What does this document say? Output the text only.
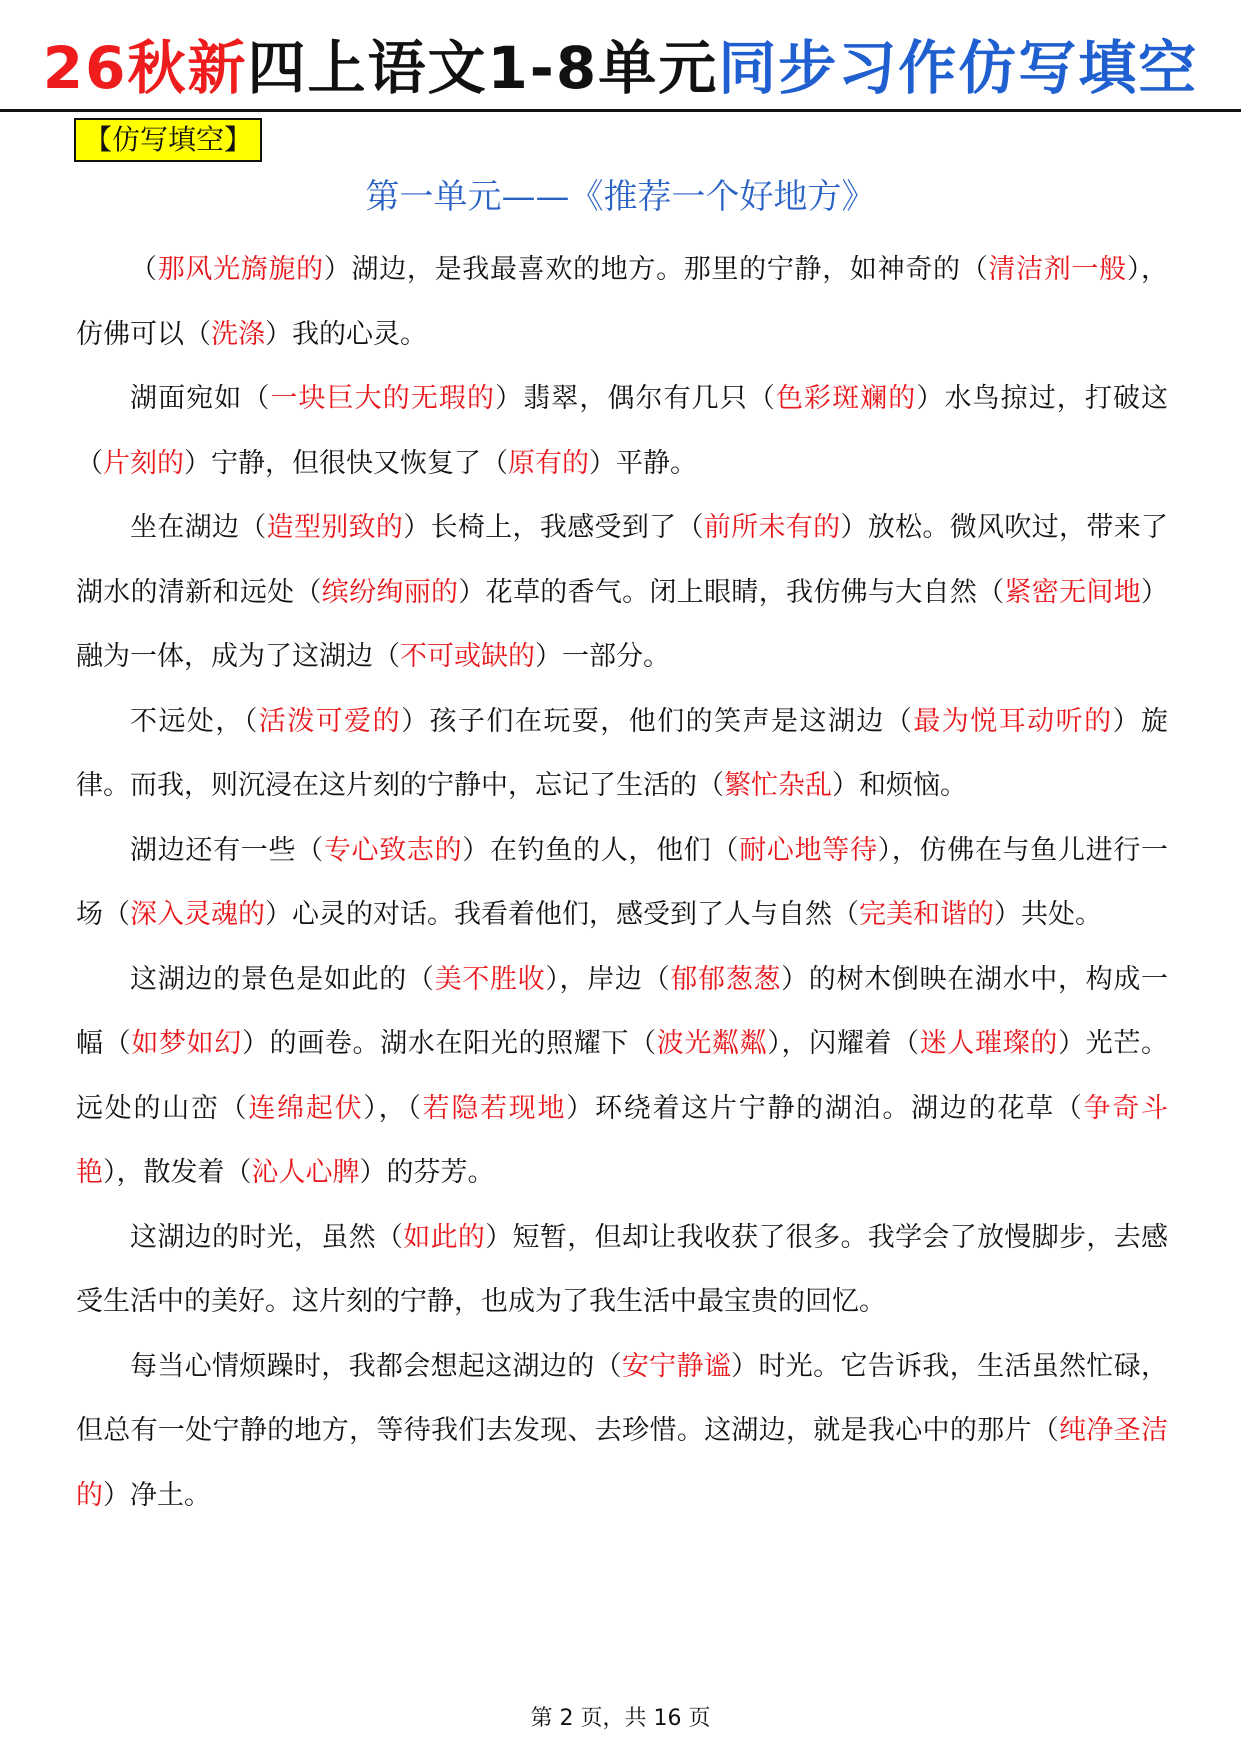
26秋新四上语文1-8单元同步习作仿写填空
【仿写填空】
第一单元——《推荐一个好地方》

（那风光旖旎的）湖边，是我最喜欢的地方。那里的宁静，如神奇的（清洁剂一般），仿佛可以（洗涤）我的心灵。

湖面宛如（一块巨大的无瑕的）翡翠，偶尔有几只（色彩斑斓的）水鸟掠过，打破这（片刻的）宁静，但很快又恢复了（原有的）平静。

坐在湖边（造型别致的）长椅上，我感受到了（前所未有的）放松。微风吹过，带来了湖水的清新和远处（缤纷绚丽的）花草的香气。闭上眼睛，我仿佛与大自然（紧密无间地）融为一体，成为了这湖边（不可或缺的）一部分。

不远处，（活泼可爱的）孩子们在玩耍，他们的笑声是这湖边（最为悦耳动听的）旋律。而我，则沉浸在这片刻的宁静中，忘记了生活的（繁忙杂乱）和烦恼。

湖边还有一些（专心致志的）在钓鱼的人，他们（耐心地等待），仿佛在与鱼儿进行一场（深入灵魂的）心灵的对话。我看着他们，感受到了人与自然（完美和谐的）共处。

这湖边的景色是如此的（美不胜收），岸边（郁郁葱葱）的树木倒映在湖水中，构成一幅（如梦如幻）的画卷。湖水在阳光的照耀下（波光粼粼），闪耀着（迷人璀璨的）光芒。远处的山峦（连绵起伏），（若隐若现地）环绕着这片宁静的湖泊。湖边的花草（争奇斗艳），散发着（沁人心脾）的芬芳。

这湖边的时光，虽然（如此的）短暂，但却让我收获了很多。我学会了放慢脚步，去感受生活中的美好。这片刻的宁静，也成为了我生活中最宝贵的回忆。

每当心情烦躁时，我都会想起这湖边的（安宁静谧）时光。它告诉我，生活虽然忙碌，但总有一处宁静的地方，等待我们去发现、去珍惜。这湖边，就是我心中的那片（纯净圣洁的）净土。

第 2 页，共 16 页
